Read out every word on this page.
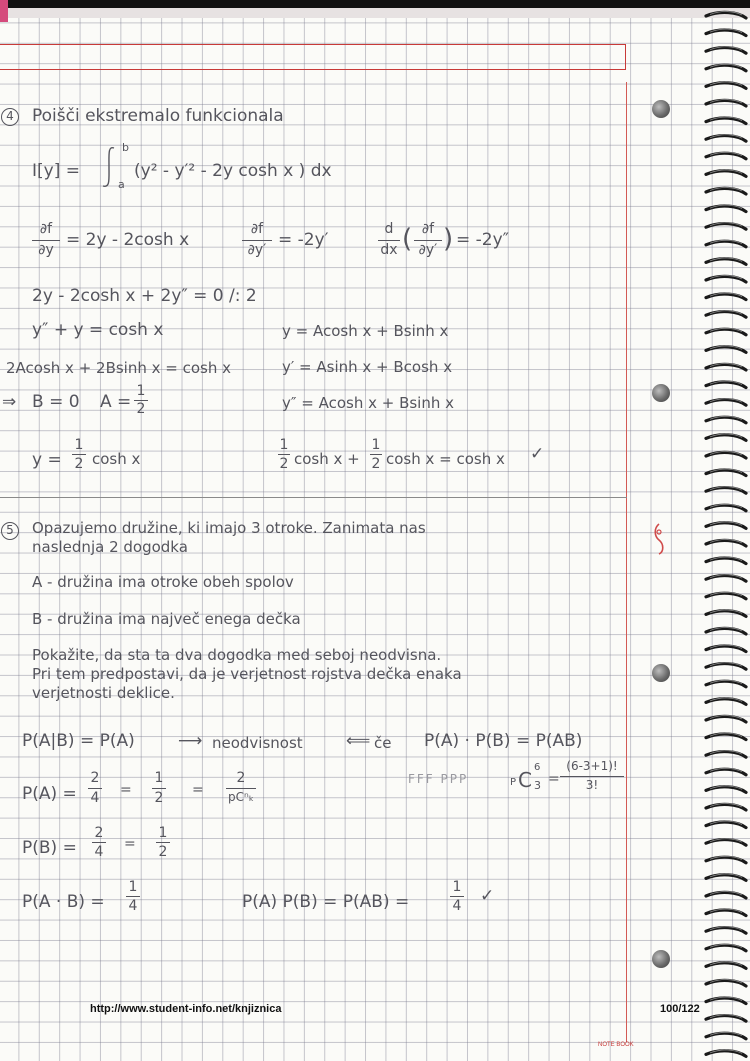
4 Poišči ekstremalo funkcionala

I[y] =

b
a

(y² - y′² - 2y cosh x ) dx

∂f
∂y = 2y - 2cosh x

∂f
∂y′ = -2y′

d
dx ( ∂f
∂y′ ) = -2y″

2y - 2cosh x + 2y″ = 0 /: 2

y″ + y = cosh x	y = Acosh x + Bsinh x

2Acosh x + 2Bsinh x = cosh x	y′ = Asinh x + Bcosh x

⇒ B = 0 A =

1
2	y″ = Acosh x + Bsinh x

y =

1
2 cosh x

1
2 cosh x +

1
2 cosh x = cosh x ✓
5 Opazujemo družine, ki imajo 3 otroke. Zanimata nas

naslednja 2 dogodka

A - družina ima otroke obeh spolov

B - družina ima največ enega dečka

Pokažite, da sta ta dva dogodka med seboj neodvisna.

Pri tem predpostavi, da je verjetnost rojstva dečka enaka

verjetnosti deklice.

P(A|B) = P(A)	⟶ neodvisnost	⟸ če P(A) · P(B) = P(AB)

FFF PPP	P C
6
3 =
(6-3+1)!
3!

P(A) =

2
4 =
1
2 =
2
pCⁿₖ

P(B) =

2
4 =
1
2

P(A · B) =

1
4	P(A) P(B) = P(AB) =

1
4 ✓
http://www.student-info.net/knjiznica	100/122
NOTE BOOK
